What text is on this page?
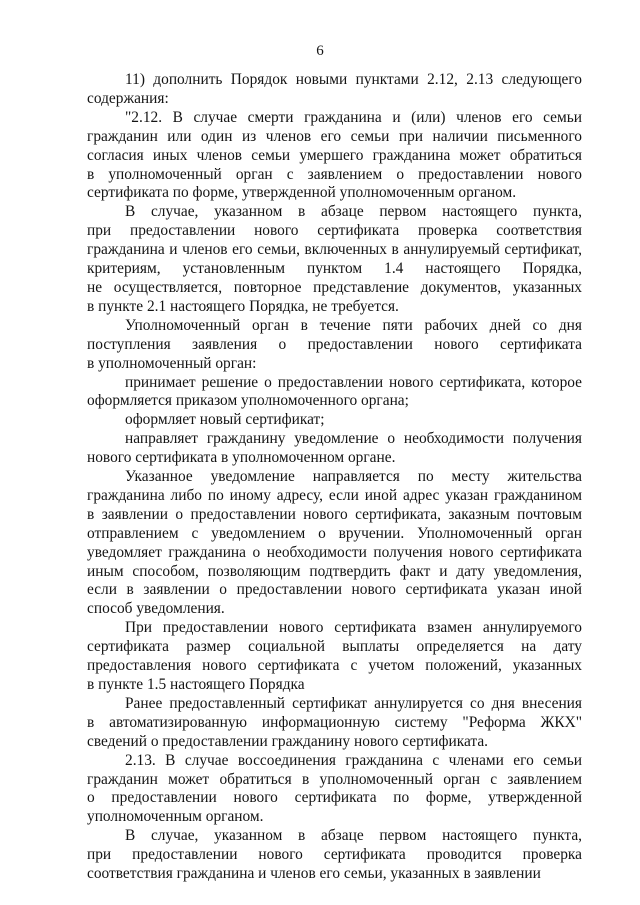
6

11) дополнить Порядок новыми пунктами 2.12, 2.13 следующего
содержания:

"2.12. В случае смерти гражданина и (или) членов его семьи
гражданин или один из членов его семьи при наличии письменного
согласия иных членов семьи умершего гражданина может обратиться
в уполномоченный орган с заявлением о предоставлении нового
сертификата по форме, утвержденной уполномоченным органом.

В случае, указанном в абзаце первом настоящего пункта,
при предоставлении нового сертификата проверка соответствия
гражданина и членов его семьи, включенных в аннулируемый сертификат,
критериям, установленным пунктом 1.4 настоящего Порядка,
не осуществляется, повторное представление документов, указанных
в пункте 2.1 настоящего Порядка, не требуется.

Уполномоченный орган в течение пяти рабочих дней со дня
поступления заявления о предоставлении нового сертификата
в уполномоченный орган:

принимает решение о предоставлении нового сертификата, которое
оформляется приказом уполномоченного органа;

оформляет новый сертификат;

направляет гражданину уведомление о необходимости получения
нового сертификата в уполномоченном органе.

Указанное уведомление направляется по месту жительства
гражданина либо по иному адресу, если иной адрес указан гражданином
в заявлении о предоставлении нового сертификата, заказным почтовым
отправлением с уведомлением о вручении. Уполномоченный орган
уведомляет гражданина о необходимости получения нового сертификата
иным способом, позволяющим подтвердить факт и дату уведомления,
если в заявлении о предоставлении нового сертификата указан иной
способ уведомления.

При предоставлении нового сертификата взамен аннулируемого
сертификата размер социальной выплаты определяется на дату
предоставления нового сертификата с учетом положений, указанных
в пункте 1.5 настоящего Порядка

Ранее предоставленный сертификат аннулируется со дня внесения
в автоматизированную информационную систему "Реформа ЖКХ"
сведений о предоставлении гражданину нового сертификата.

2.13. В случае воссоединения гражданина с членами его семьи
гражданин может обратиться в уполномоченный орган с заявлением
о предоставлении нового сертификата по форме, утвержденной
уполномоченным органом.

В случае, указанном в абзаце первом настоящего пункта,
при предоставлении нового сертификата проводится проверка
соответствия гражданина и членов его семьи, указанных в заявлении
